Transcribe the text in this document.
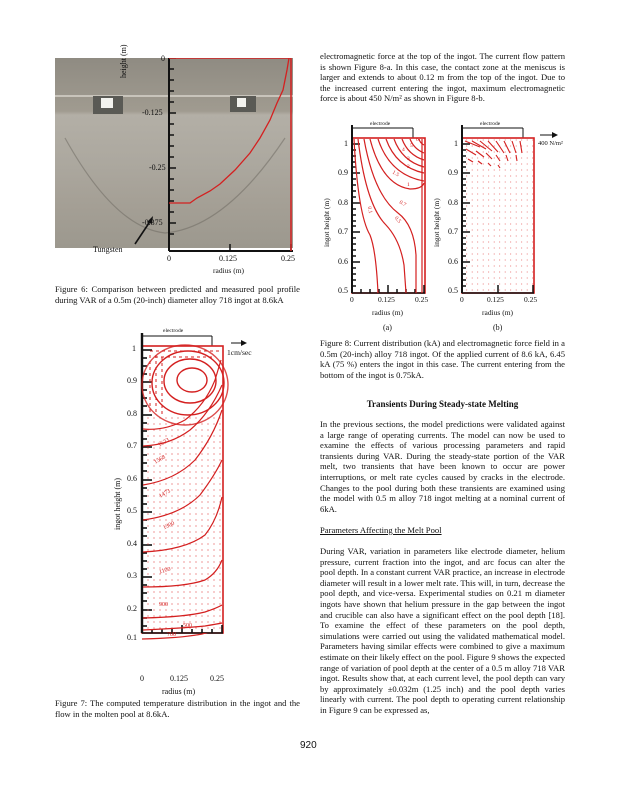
height (m)	0
-0.125
-0.25
-0.375
Tungsten
0	0.125	0.25
radius (m)
Figure 6: Comparison between predicted and measured pool profile during VAR of a 0.5m (20-inch) diameter alloy 718 ingot at 8.6kA
electrode
1cm/sec
1623
1568
1473
1300
1100
900
500
1
0.9
0.8
0.7
0.6
0.5
0.4
0.3
0.2
ingot height (m)
0.1	700
0	0.125	0.25
radius (m)
Figure 7: The computed temperature distribution in the ingot and the flow in the molten pool at 8.6kA.
electromagnetic force at the top of the ingot. The current flow pattern is shown Figure 8-a. In this case, the contact zone at the meniscus is larger and extends to about 0.12 m from the top of the ingot. Due to the increased current entering the ingot, maximum electromagnetic force is about 450 N/m² as shown in Figure 8-b.
electrode	electrode
400 N/m²
6
5
4
3
2
1.5
1
0.7
0.5
0.1
1
0.9
0.8
0.7
0.6
0.5
ingot height (m)
0	0.125	0.25
radius (m)
(a)
1
0.9
0.8
0.7
0.6
0.5
ingot height (m)
0	0.125	0.25
radius (m)
(b)
Figure 8: Current distribution (kA) and electromagnetic force field in a 0.5m (20-inch) alloy 718 ingot. Of the applied current of 8.6 kA, 6.45 kA (75 %) enters the ingot in this case. The current entering from the bottom of the ingot is 0.75kA.
Transients During Steady-state Melting
In the previous sections, the model predictions were validated against a large range of operating currents. The model can now be used to examine the effects of various processing parameters and rapid transients during VAR. During the steady-state portion of the VAR melt, two transients that have been known to occur are power interruptions, or melt rate cycles caused by cracks in the electrode. Changes to the pool during both these transients are examined using the model with 0.5 m alloy 718 ingot melting at a nominal current of 6kA.
Parameters Affecting the Melt Pool
During VAR, variation in parameters like electrode diameter, helium pressure, current fraction into the ingot, and arc focus can alter the pool depth. In a constant current VAR practice, an increase in electrode diameter will result in a lower melt rate. This will, in turn, decrease the pool depth, and vice-versa. Experimental studies on 0.21 m diameter ingots have shown that helium pressure in the gap between the ingot and crucible can also have a significant effect on the pool depth [18]. To examine the effect of these parameters on the pool depth, simulations were carried out using the validated mathematical model. Parameters having similar effects were combined to give a maximum estimate on their likely effect on the pool. Figure 9 shows the expected range of variation of pool depth at the center of a 0.5 m alloy 718 VAR ingot. Results show that, at each current level, the pool depth can vary by approximately ±0.032m (1.25 inch) and the pool depth varies linearly with current. The pool depth to operating current relationship in Figure 9 can be expressed as,
920
